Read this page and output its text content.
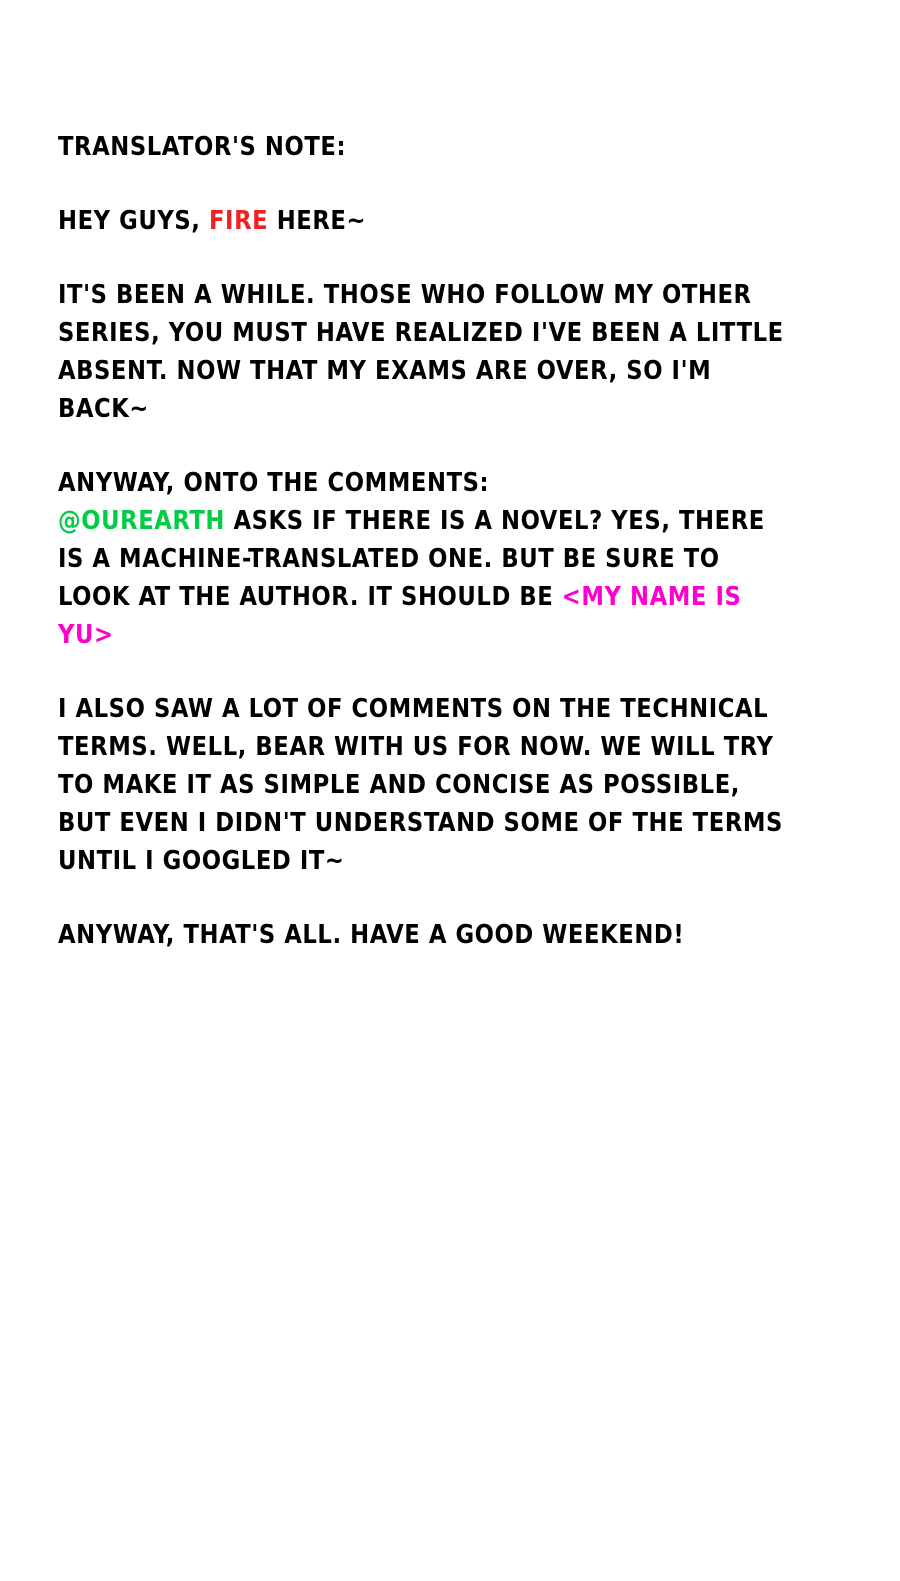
TRANSLATOR'S NOTE:
HEY GUYS, FIRE HERE~
IT'S BEEN A WHILE. THOSE WHO FOLLOW MY OTHER SERIES, YOU MUST HAVE REALIZED I'VE BEEN A LITTLE ABSENT. NOW THAT MY EXAMS ARE OVER, SO I'M BACK~
ANYWAY, ONTO THE COMMENTS:
@OUREARTH ASKS IF THERE IS A NOVEL? YES, THERE IS A MACHINE-TRANSLATED ONE. BUT BE SURE TO LOOK AT THE AUTHOR. IT SHOULD BE <MY NAME IS YU>
I ALSO SAW A LOT OF COMMENTS ON THE TECHNICAL TERMS. WELL, BEAR WITH US FOR NOW. WE WILL TRY TO MAKE IT AS SIMPLE AND CONCISE AS POSSIBLE, BUT EVEN I DIDN'T UNDERSTAND SOME OF THE TERMS UNTIL I GOOGLED IT~
ANYWAY, THAT'S ALL. HAVE A GOOD WEEKEND!
